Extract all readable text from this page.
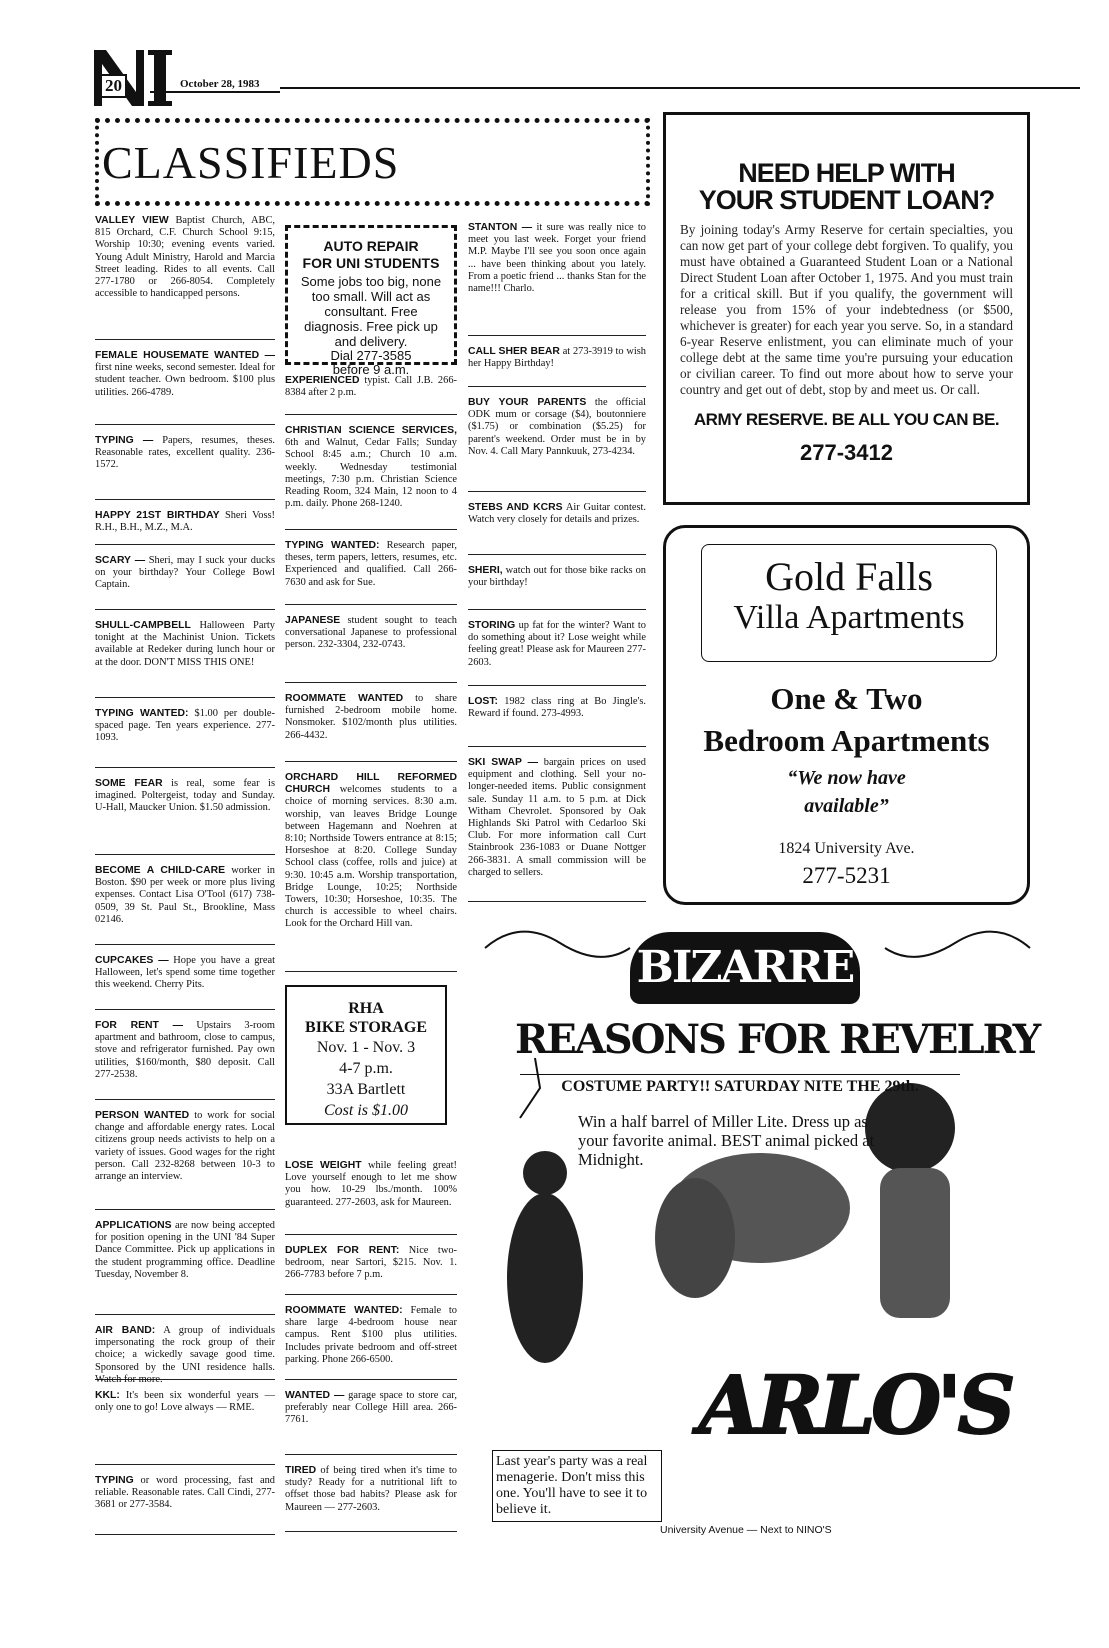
20	October 28, 1983
CLASSIFIEDS
VALLEY VIEW Baptist Church, ABC, 815 Orchard, C.F. Church School 9:15, Worship 10:30; evening events varied. Young Adult Ministry, Harold and Marcia Street leading. Rides to all events. Call 277-1780 or 266-8054. Completely accessible to handicapped persons.
FEMALE HOUSEMATE WANTED — first nine weeks, second semester. Ideal for student teacher. Own bedroom. $100 plus utilities. 266-4789.
TYPING — Papers, resumes, theses. Reasonable rates, excellent quality. 236-1572.
HAPPY 21ST BIRTHDAY Sheri Voss! R.H., B.H., M.Z., M.A.
SCARY — Sheri, may I suck your ducks on your birthday? Your College Bowl Captain.
SHULL-CAMPBELL Halloween Party tonight at the Machinist Union. Tickets available at Redeker during lunch hour or at the door. DON'T MISS THIS ONE!
TYPING WANTED: $1.00 per double-spaced page. Ten years experience. 277-1093.
SOME FEAR is real, some fear is imagined. Poltergeist, today and Sunday. U-Hall, Maucker Union. $1.50 admission.
BECOME A CHILD-CARE worker in Boston. $90 per week or more plus living expenses. Contact Lisa O'Tool (617) 738-0509, 39 St. Paul St., Brookline, Mass 02146.
CUPCAKES — Hope you have a great Halloween, let's spend some time together this weekend. Cherry Pits.
FOR RENT — Upstairs 3-room apartment and bathroom, close to campus, stove and refrigerator furnished. Pay own utilities, $160/month, $80 deposit. Call 277-2538.
PERSON WANTED to work for social change and affordable energy rates. Local citizens group needs activists to help on a variety of issues. Good wages for the right person. Call 232-8268 between 10-3 to arrange an interview.
APPLICATIONS are now being accepted for position opening in the UNI '84 Super Dance Committee. Pick up applications in the student programming office. Deadline Tuesday, November 8.
AIR BAND: A group of individuals impersonating the rock group of their choice; a wickedly savage good time. Sponsored by the UNI residence halls. Watch for more.
KKL: It's been six wonderful years — only one to go! Love always — RME.
TYPING or word processing, fast and reliable. Reasonable rates. Call Cindi, 277-3681 or 277-3584.
EXPERIENCED typist. Call J.B. 266-8384 after 2 p.m.
CHRISTIAN SCIENCE SERVICES, 6th and Walnut, Cedar Falls; Sunday School 8:45 a.m.; Church 10 a.m. weekly. Wednesday testimonial meetings, 7:30 p.m. Christian Science Reading Room, 324 Main, 12 noon to 4 p.m. daily. Phone 268-1240.
TYPING WANTED: Research paper, theses, term papers, letters, resumes, etc. Experienced and qualified. Call 266-7630 and ask for Sue.
JAPANESE student sought to teach conversational Japanese to professional person. 232-3304, 232-0743.
ROOMMATE WANTED to share furnished 2-bedroom mobile home. Nonsmoker. $102/month plus utilities. 266-4432.
ORCHARD HILL REFORMED CHURCH welcomes students to a choice of morning services. 8:30 a.m. worship, van leaves Bridge Lounge between Hagemann and Noehren at 8:10; Northside Towers entrance at 8:15; Horseshoe at 8:20. College Sunday School class (coffee, rolls and juice) at 9:30. 10:45 a.m. Worship transportation, Bridge Lounge, 10:25; Northside Towers, 10:30; Horseshoe, 10:35. The church is accessible to wheel chairs. Look for the Orchard Hill van.
LOSE WEIGHT while feeling great! Love yourself enough to let me show you how. 10-29 lbs./month. 100% guaranteed. 277-2603, ask for Maureen.
DUPLEX FOR RENT: Nice two-bedroom, near Sartori, $215. Nov. 1. 266-7783 before 7 p.m.
ROOMMATE WANTED: Female to share large 4-bedroom house near campus. Rent $100 plus utilities. Includes private bedroom and off-street parking. Phone 266-6500.
WANTED — garage space to store car, preferably near College Hill area. 266-7761.
TIRED of being tired when it's time to study? Ready for a nutritional lift to offset those bad habits? Please ask for Maureen — 277-2603.
STANTON — it sure was really nice to meet you last week. Forget your friend M.P. Maybe I'll see you soon once again ... have been thinking about you lately. From a poetic friend ... thanks Stan for the name!!! Charlo.
CALL SHER BEAR at 273-3919 to wish her Happy Birthday!
BUY YOUR PARENTS the official ODK mum or corsage ($4), boutonniere ($1.75) or combination ($5.25) for parent's weekend. Order must be in by Nov. 4. Call Mary Pannkuuk, 273-4234.
STEBS AND KCRS Air Guitar contest. Watch very closely for details and prizes.
SHERI, watch out for those bike racks on your birthday!
STORING up fat for the winter? Want to do something about it? Lose weight while feeling great! Please ask for Maureen 277-2603.
LOST: 1982 class ring at Bo Jingle's. Reward if found. 273-4993.
SKI SWAP — bargain prices on used equipment and clothing. Sell your no-longer-needed items. Public consignment sale. Sunday 11 a.m. to 5 p.m. at Dick Witham Chevrolet. Sponsored by Oak Highlands Ski Patrol with Cedarloo Ski Club. For more information call Curt Stainbrook 236-1083 or Duane Nottger 266-3831. A small commission will be charged to sellers.
AUTO REPAIR
FOR UNI STUDENTS
Some jobs too big, none too small. Will act as consultant. Free diagnosis. Free pick up and delivery.
Dial 277-3585
before 9 a.m.
RHA
BIKE STORAGE
Nov. 1 - Nov. 3
4-7 p.m.
33A Bartlett
Cost is $1.00
NEED HELP WITH
YOUR STUDENT LOAN?
By joining today's Army Reserve for certain specialties, you can now get part of your college debt forgiven. To qualify, you must have obtained a Guaranteed Student Loan or a National Direct Student Loan after October 1, 1975. And you must train for a critical skill. But if you qualify, the government will release you from 15% of your indebtedness (or $500, whichever is greater) for each year you serve. So, in a standard 6-year Reserve enlistment, you can eliminate much of your college debt at the same time you're pursuing your education or civilian career. To find out more about how to serve your country and get out of debt, stop by and meet us. Or call.
ARMY RESERVE. BE ALL YOU CAN BE.
277-3412
Gold Falls
Villa Apartments
One & Two
Bedroom Apartments
“We now have
available”
1824 University Ave.
277-5231
BIZARRE
REASONS FOR REVELRY
COSTUME PARTY!! SATURDAY NITE THE 29th.
Win a half barrel of Miller Lite. Dress up as your favorite animal. BEST animal picked at Midnight.
ARLO'S
Last year's party was a real menagerie. Don't miss this one. You'll have to see it to believe it.
University Avenue — Next to NINO'S
